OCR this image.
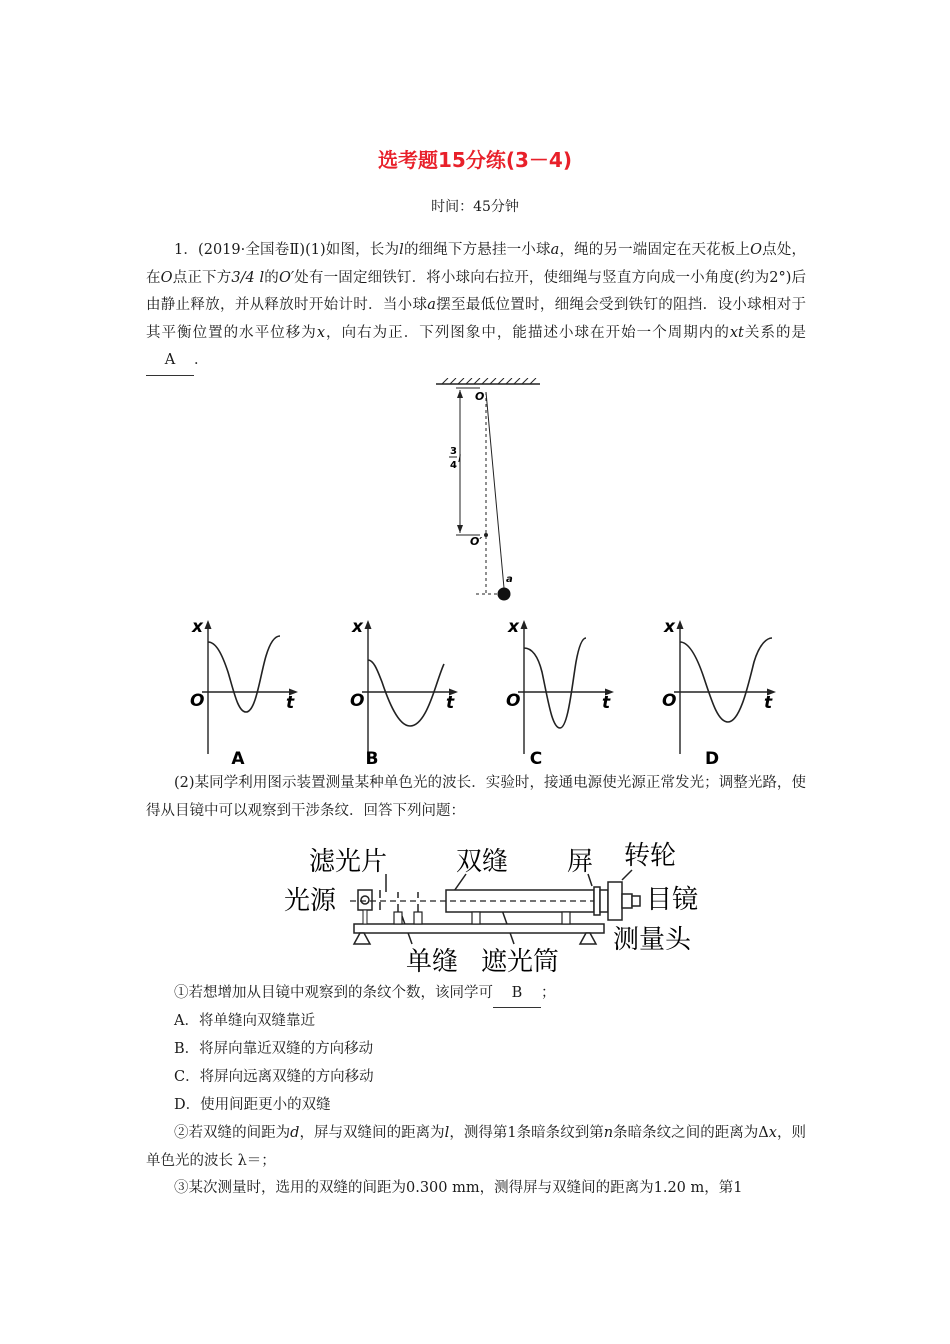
选考题15分练(3－4)
时间：45分钟
1．(2019·全国卷Ⅱ)(1)如图，长为l的细绳下方悬挂一小球a，绳的另一端固定在天花板上O点处，在O点正下方3/4 l的O′处有一固定细铁钉．将小球向右拉开，使细绳与竖直方向成一小角度(约为2°)后由静止释放，并从释放时开始计时．当小球a摆至最低位置时，细绳会受到铁钉的阻挡．设小球相对于其平衡位置的水平位移为x，向右为正．下列图象中，能描述小球在开始一个周期内的xt关系的是A ．
3
4
l
O
O′
a
x
t
O
A
x
t
O
B
x
t
O
C
x
t
O
D
(2)某同学利用图示装置测量某种单色光的波长．实验时，接通电源使光源正常发光；调整光路，使得从目镜中可以观察到干涉条纹．回答下列问题：
滤光片	双缝 屏 转轮
光源	目镜
单缝 遮光筒
测量头
①若想增加从目镜中观察到的条纹个数，该同学可 B ；
A．将单缝向双缝靠近
B．将屏向靠近双缝的方向移动
C．将屏向远离双缝的方向移动
D．使用间距更小的双缝
②若双缝的间距为d，屏与双缝间的距离为l，测得第1条暗条纹到第n条暗条纹之间的距离为Δx，则单色光的波长 λ＝；
③某次测量时，选用的双缝的间距为0.300 mm，测得屏与双缝间的距离为1.20 m，第1
